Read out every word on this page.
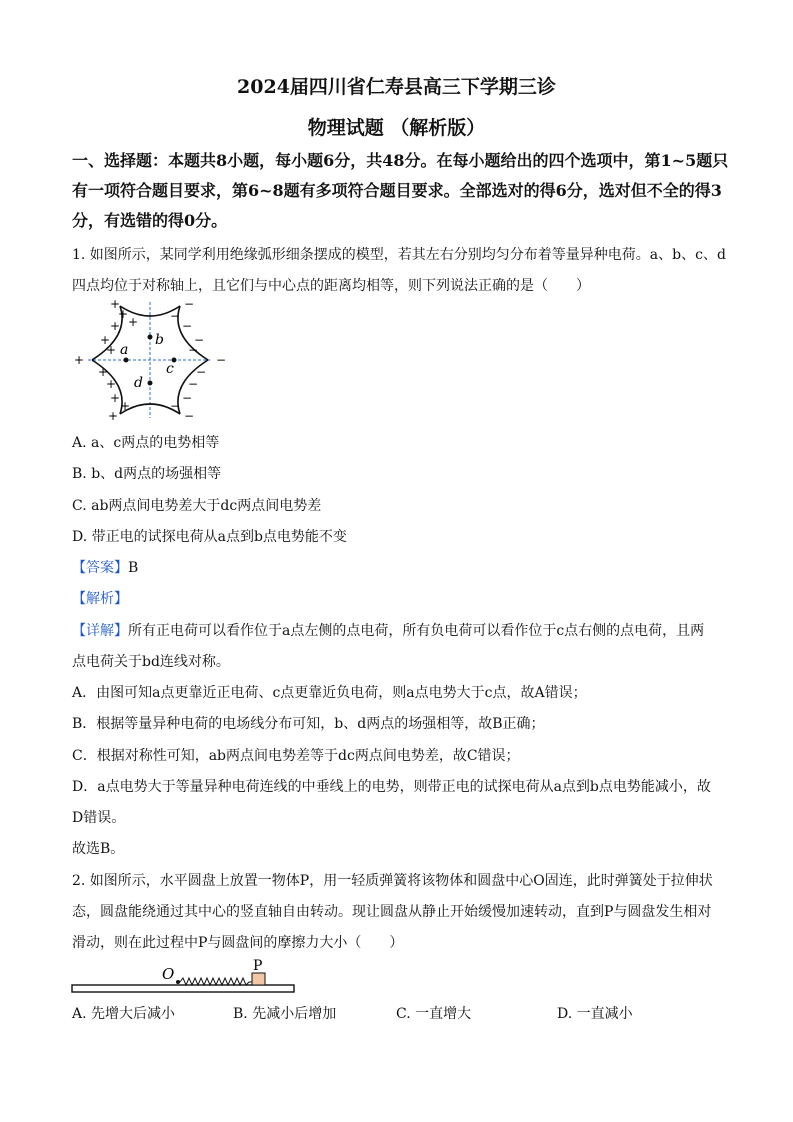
2024届四川省仁寿县高三下学期三诊
物理试题 （解析版）
一、选择题：本题共8小题，每小题6分，共48分。在每小题给出的四个选项中，第1~5题只有一项符合题目要求，第6~8题有多项符合题目要求。全部选对的得6分，选对但不全的得3分，有选错的得0分。
1. 如图所示，某同学利用绝缘弧形细条摆成的模型，若其左右分别均匀分布着等量异种电荷。a、b、c、d
四点均位于对称轴上，且它们与中心点的距离均相等，则下列说法正确的是（　　）
a
b
c
d
+
+
+
+
+
+
+
+
+
+
+
+
−
−
−
−
−
−
−
−
−
−
−
A. a、c两点的电势相等
B. b、d两点的场强相等
C. ab两点间电势差大于dc两点间电势差
D. 带正电的试探电荷从a点到b点电势能不变
【答案】B
【解析】
【详解】所有正电荷可以看作位于a点左侧的点电荷，所有负电荷可以看作位于c点右侧的点电荷，且两
点电荷关于bd连线对称。
A．由图可知a点更靠近正电荷、c点更靠近负电荷，则a点电势大于c点，故A错误；
B．根据等量异种电荷的电场线分布可知，b、d两点的场强相等，故B正确；
C．根据对称性可知，ab两点间电势差等于dc两点间电势差，故C错误；
D．a点电势大于等量异种电荷连线的中垂线上的电势，则带正电的试探电荷从a点到b点电势能减小，故
D错误。
故选B。
2. 如图所示，水平圆盘上放置一物体P，用一轻质弹簧将该物体和圆盘中心O固连，此时弹簧处于拉伸状
态，圆盘能绕通过其中心的竖直轴自由转动。现让圆盘从静止开始缓慢加速转动，直到P与圆盘发生相对
滑动，则在此过程中P与圆盘间的摩擦力大小（　　）
O	P
A. 先增大后减小	B. 先减小后增加	C. 一直增大	D. 一直减小
